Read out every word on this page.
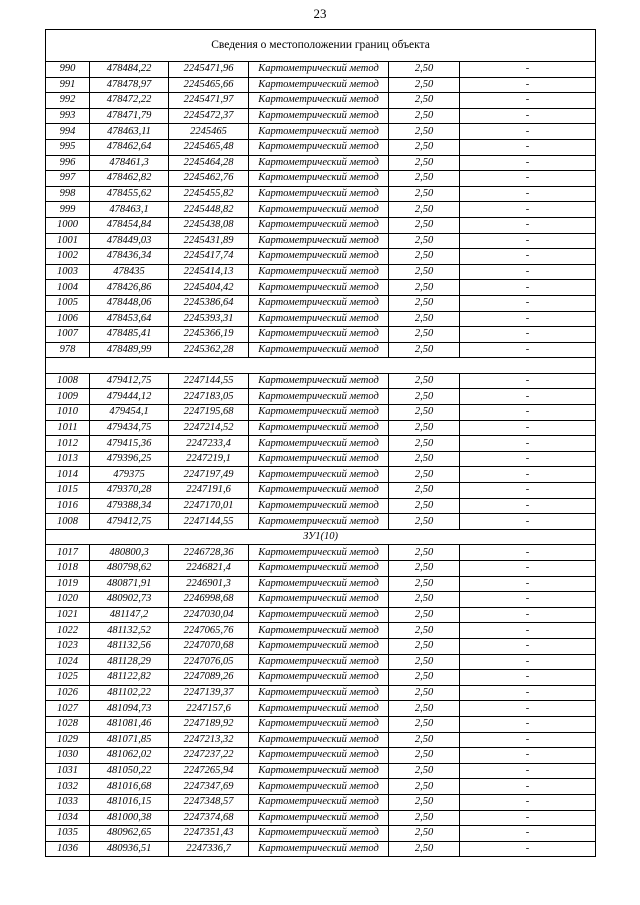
23
Сведения о местоположении границ объекта					
990	478484,22	2245471,96	Картометрический метод	2,50	-
991	478478,97	2245465,66	Картометрический метод	2,50	-
992	478472,22	2245471,97	Картометрический метод	2,50	-
993	478471,79	2245472,37	Картометрический метод	2,50	-
994	478463,11	2245465	Картометрический метод	2,50	-
995	478462,64	2245465,48	Картометрический метод	2,50	-
996	478461,3	2245464,28	Картометрический метод	2,50	-
997	478462,82	2245462,76	Картометрический метод	2,50	-
998	478455,62	2245455,82	Картометрический метод	2,50	-
999	478463,1	2245448,82	Картометрический метод	2,50	-
1000	478454,84	2245438,08	Картометрический метод	2,50	-
1001	478449,03	2245431,89	Картометрический метод	2,50	-
1002	478436,34	2245417,74	Картометрический метод	2,50	-
1003	478435	2245414,13	Картометрический метод	2,50	-
1004	478426,86	2245404,42	Картометрический метод	2,50	-
1005	478448,06	2245386,64	Картометрический метод	2,50	-
1006	478453,64	2245393,31	Картометрический метод	2,50	-
1007	478485,41	2245366,19	Картометрический метод	2,50	-
978	478489,99	2245362,28	Картометрический метод	2,50	-

1008	479412,75	2247144,55	Картометрический метод	2,50	-
1009	479444,12	2247183,05	Картометрический метод	2,50	-
1010	479454,1	2247195,68	Картометрический метод	2,50	-
1011	479434,75	2247214,52	Картометрический метод	2,50	-
1012	479415,36	2247233,4	Картометрический метод	2,50	-
1013	479396,25	2247219,1	Картометрический метод	2,50	-
1014	479375	2247197,49	Картометрический метод	2,50	-
1015	479370,28	2247191,6	Картометрический метод	2,50	-
1016	479388,34	2247170,01	Картометрический метод	2,50	-
1008	479412,75	2247144,55	Картометрический метод	2,50	-
ЗУ1(10)					
1017	480800,3	2246728,36	Картометрический метод	2,50	-
1018	480798,62	2246821,4	Картометрический метод	2,50	-
1019	480871,91	2246901,3	Картометрический метод	2,50	-
1020	480902,73	2246998,68	Картометрический метод	2,50	-
1021	481147,2	2247030,04	Картометрический метод	2,50	-
1022	481132,52	2247065,76	Картометрический метод	2,50	-
1023	481132,56	2247070,68	Картометрический метод	2,50	-
1024	481128,29	2247076,05	Картометрический метод	2,50	-
1025	481122,82	2247089,26	Картометрический метод	2,50	-
1026	481102,22	2247139,37	Картометрический метод	2,50	-
1027	481094,73	2247157,6	Картометрический метод	2,50	-
1028	481081,46	2247189,92	Картометрический метод	2,50	-
1029	481071,85	2247213,32	Картометрический метод	2,50	-
1030	481062,02	2247237,22	Картометрический метод	2,50	-
1031	481050,22	2247265,94	Картометрический метод	2,50	-
1032	481016,68	2247347,69	Картометрический метод	2,50	-
1033	481016,15	2247348,57	Картометрический метод	2,50	-
1034	481000,38	2247374,68	Картометрический метод	2,50	-
1035	480962,65	2247351,43	Картометрический метод	2,50	-
1036	480936,51	2247336,7	Картометрический метод	2,50	-
